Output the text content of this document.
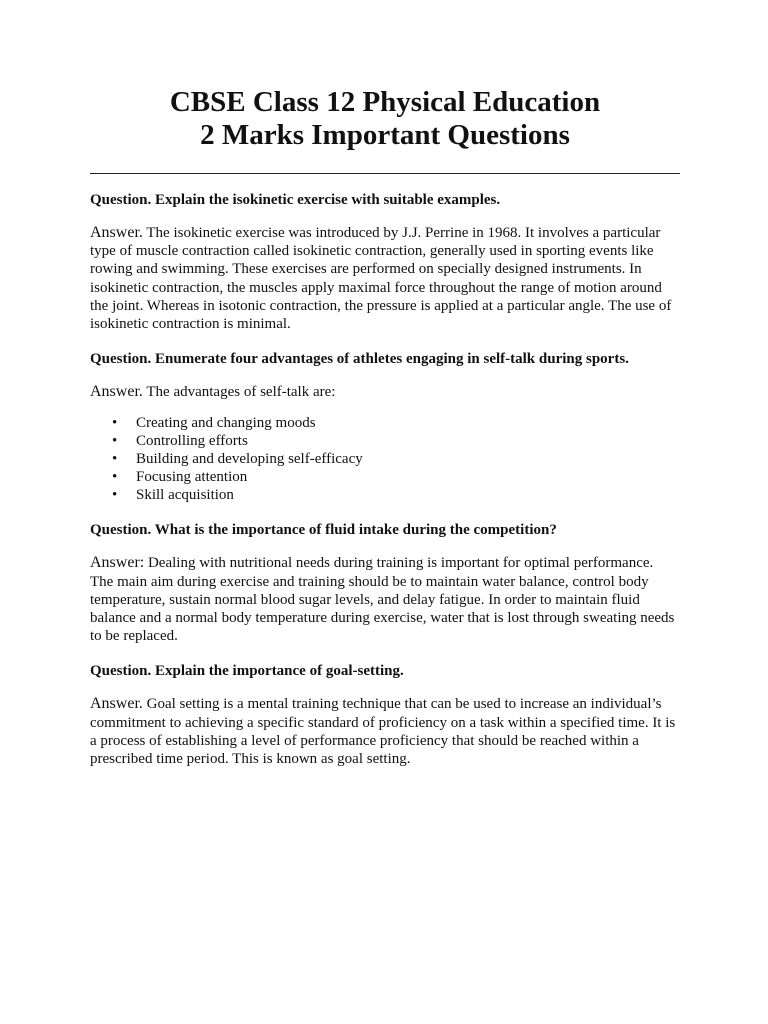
CBSE Class 12 Physical Education
2 Marks Important Questions

Question. Explain the isokinetic exercise with suitable examples.

Answer. The isokinetic exercise was introduced by J.J. Perrine in 1968. It involves a particular type of muscle contraction called isokinetic contraction, generally used in sporting events like rowing and swimming. These exercises are performed on specially designed instruments. In isokinetic contraction, the muscles apply maximal force throughout the range of motion around the joint. Whereas in isotonic contraction, the pressure is applied at a particular angle. The use of isokinetic contraction is minimal.

Question. Enumerate four advantages of athletes engaging in self-talk during sports.

Answer. The advantages of self-talk are:

• Creating and changing moods
• Controlling efforts
• Building and developing self-efficacy
• Focusing attention
• Skill acquisition

Question. What is the importance of fluid intake during the competition?

Answer: Dealing with nutritional needs during training is important for optimal performance. The main aim during exercise and training should be to maintain water balance, control body temperature, sustain normal blood sugar levels, and delay fatigue. In order to maintain fluid balance and a normal body temperature during exercise, water that is lost through sweating needs to be replaced.

Question. Explain the importance of goal-setting.

Answer. Goal setting is a mental training technique that can be used to increase an individual’s commitment to achieving a specific standard of proficiency on a task within a specified time. It is a process of establishing a level of performance proficiency that should be reached within a prescribed time period. This is known as goal setting.
